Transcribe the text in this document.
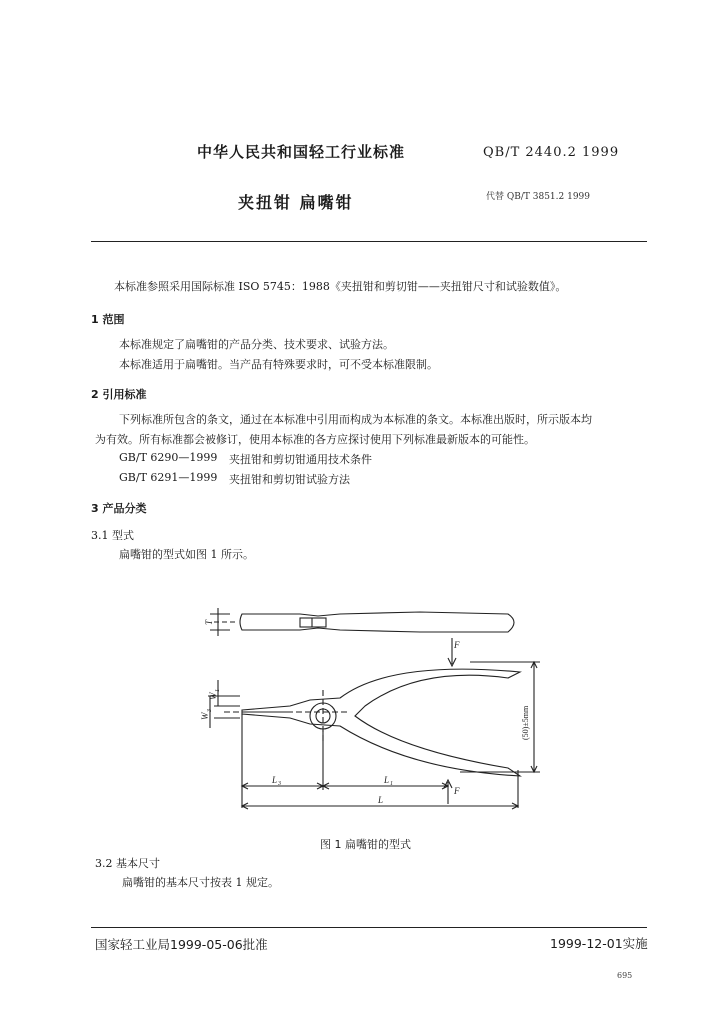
中华人民共和国轻工行业标准	QB/T 2440.2 1999
夹扭钳 扁嘴钳	代替 QB/T 3851.2 1999
本标准参照采用国际标准 ISO 5745：1988《夹扭钳和剪切钳——夹扭钳尺寸和试验数值》。
1 范围
本标准规定了扁嘴钳的产品分类、技术要求、试验方法。
本标准适用于扁嘴钳。当产品有特殊要求时，可不受本标准限制。
2 引用标准
下列标准所包含的条文，通过在本标准中引用而构成为本标准的条文。本标准出版时，所示版本均
为有效。所有标准都会被修订，使用本标准的各方应探讨使用下列标准最新版本的可能性。
GB/T 6290—1999 夹扭钳和剪切钳通用技术条件
GB/T 6291—1999 夹扭钳和剪切钳试验方法
3 产品分类
3.1 型式
扁嘴钳的型式如图 1 所示。
T
F
F
W
1
W
3
L 3	L 1
L
(50)±5mm
图 1 扁嘴钳的型式
3.2 基本尺寸
扁嘴钳的基本尺寸按表 1 规定。
国家轻工业局1999-05-06批准	1999-12-01实施
695
